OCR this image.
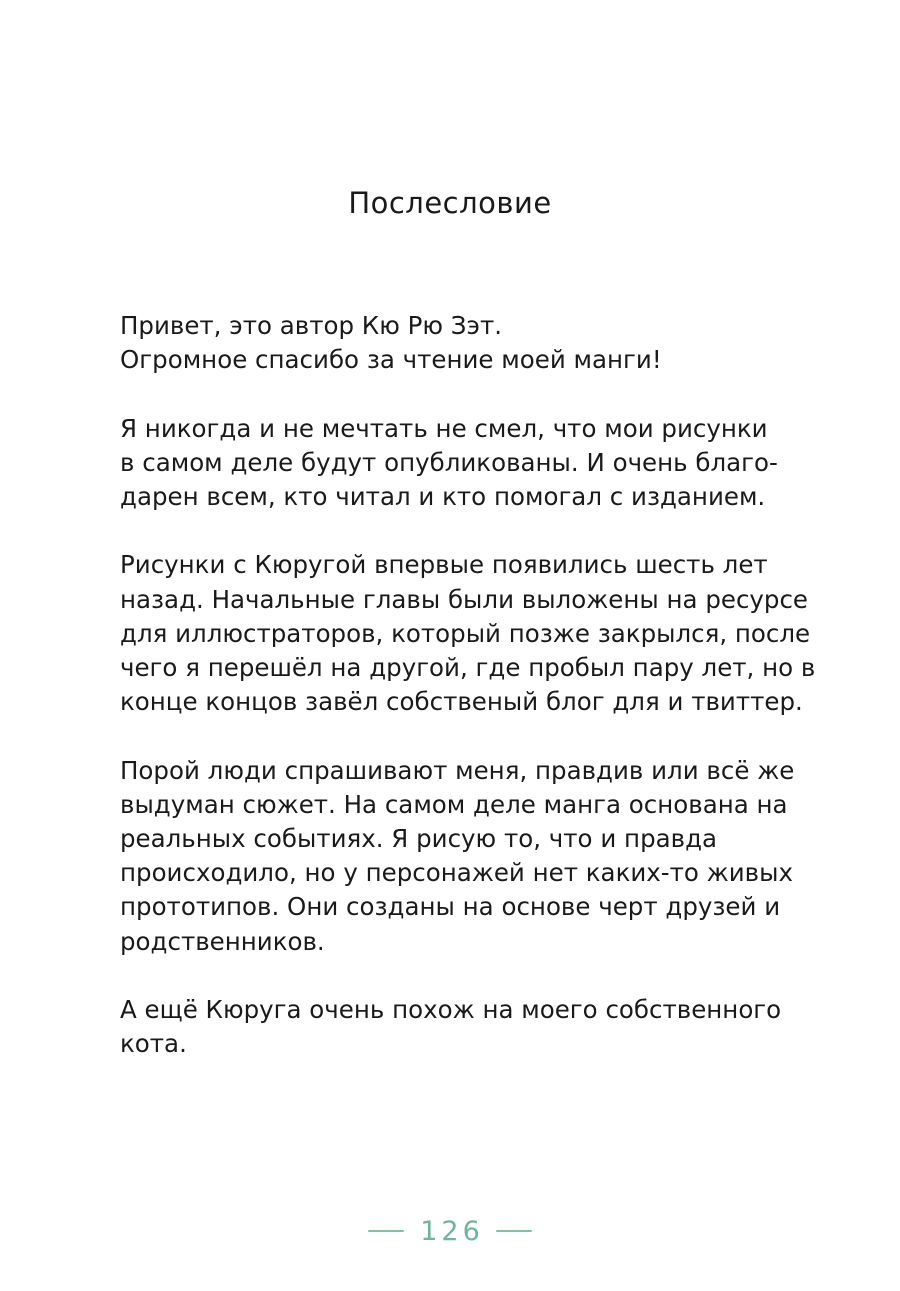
Послесловие

Привет, это автор Кю Рю Зэт.
Огромное спасибо за чтение моей манги!

Я никогда и не мечтать не смел, что мои рисунки
в самом деле будут опубликованы. И очень благо-
дарен всем, кто читал и кто помогал с изданием.

Рисунки с Кюругой впервые появились шесть лет
назад. Начальные главы были выложены на ресурсе
для иллюстраторов, который позже закрылся, после
чего я перешёл на другой, где пробыл пару лет, но в
конце концов завёл собственый блог для и твиттер.

Порой люди спрашивают меня, правдив или всё же
выдуман сюжет. На самом деле манга основана на
реальных событиях. Я рисую то, что и правда
происходило, но у персонажей нет каких-то живых
прототипов. Они созданы на основе черт друзей и
родственников.

А ещё Кюруга очень похож на моего собственного
кота.

126
